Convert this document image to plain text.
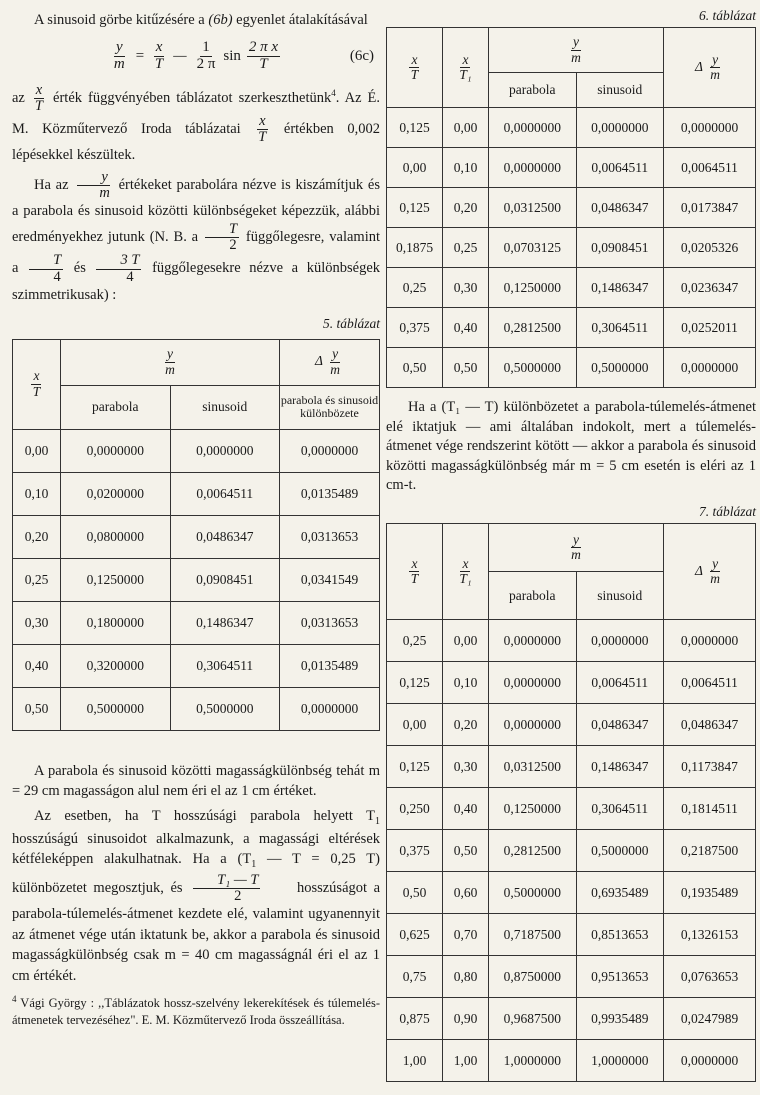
A sinusoid görbe kitűzésére a (6b) egyenlet átalakításával

$\frac{y}{m} = \frac{x}{T}$ — $\frac{1}{2 \pi}$ $\sin \frac{\text{2 π x}}{T}$	(6c)

az $\frac{x}{T}$ érték függvényében táblázatot szerkeszthetünk$^4$. Az É. M. Közműtervező Iroda táblázatai $\frac{x}{T}$ értékben 0,002 lépésekkel készültek.

Ha az $\frac{y}{m}$ értékeket parabolára nézve is kiszámítjuk és a parabola és sinusoid közötti különbségeket képezzük, alábbi eredményekhez jutunk (N. B. a $\frac{T}{2}$ függőlegesre, valamint a $\frac{T}{4}$ és $\frac{3 T}{4}$ függőlegesekre nézve a különbségek szimmetrikusak) :

5. táblázat

$\frac{x}{T}$	$\frac{y}{m}$		Δ $\frac{y}{m}$

	parabola	sinusoid	parabola és sinusoid különbözete
0,00	0,0000000	0,0000000	0,0000000
0,10	0,0200000	0,0064511	0,0135489
0,20	0,0800000	0,0486347	0,0313653
0,25	0,1250000	0,0908451	0,0341549
0,30	0,1800000	0,1486347	0,0313653
0,40	0,3200000	0,3064511	0,0135489
0,50	0,5000000	0,5000000	0,0000000

A parabola és sinusoid közötti magasságkülönbség tehát m = 29 cm magasságon alul nem éri el az 1 cm értéket.

Az esetben, ha T hosszúsági parabola helyett $T_1$ hosszúságú sinusoidot alkalmazunk, a magassági eltérések kétféleképpen alakulhatnak. Ha a ($T_1$ — T = 0,25 T) különbözetet megosztjuk, és $\frac{\text{T₁ — T}}{2}$	hosszúságot a parabola-túlemelés-átmenet kezdete elé, valamint ugyanennyit az átmenet vége után iktatunk be, akkor a parabola és sinusoid magasságkülönbség csak m = 40 cm magasságnál éri el az 1 cm értékét.

$^4$ Vági György : ,,Táblázatok hossz-szelvény lekerekítések és túlemelés-átmenetek tervezéséhez". E. M. Közműtervező Iroda összeállítása.

6. táblázat

$\frac{x}{T}$	$\frac{x}{\text{T₁}}$	$\frac{y}{m}$		Δ $\frac{y}{m}$

		parabola	sinusoid	
0,125	0,00	0,0000000	0,0000000	0,0000000
0,00	0,10	0,0000000	0,0064511	0,0064511
0,125	0,20	0,0312500	0,0486347	0,0173847
0,1875	0,25	0,0703125	0,0908451	0,0205326
0,25	0,30	0,1250000	0,1486347	0,0236347
0,375	0,40	0,2812500	0,3064511	0,0252011
0,50	0,50	0,5000000	0,5000000	0,0000000

Ha a (T₁ — T) különbözetet a parabola-túlemelés-átmenet elé iktatjuk — ami általában indokolt, mert a túlemelés-átmenet vége rendszerint kötött — akkor a parabola és sinusoid közötti magasságkülönbség már m = 5 cm esetén is eléri az 1 cm-t.

7. táblázat

$\frac{x}{T}$	$\frac{x}{\text{T₁}}$	$\frac{y}{m}$		Δ $\frac{y}{m}$

		parabola	sinusoid	
0,25	0,00	0,0000000	0,0000000	0,0000000
0,125	0,10	0,0000000	0,0064511	0,0064511
0,00	0,20	0,0000000	0,0486347	0,0486347
0,125	0,30	0,0312500	0,1486347	0,1173847
0,250	0,40	0,1250000	0,3064511	0,1814511
0,375	0,50	0,2812500	0,5000000	0,2187500
0,50	0,60	0,5000000	0,6935489	0,1935489
0,625	0,70	0,7187500	0,8513653	0,1326153
0,75	0,80	0,8750000	0,9513653	0,0763653
0,875	0,90	0,9687500	0,9935489	0,0247989
1,00	1,00	1,0000000	1,0000000	0,0000000
